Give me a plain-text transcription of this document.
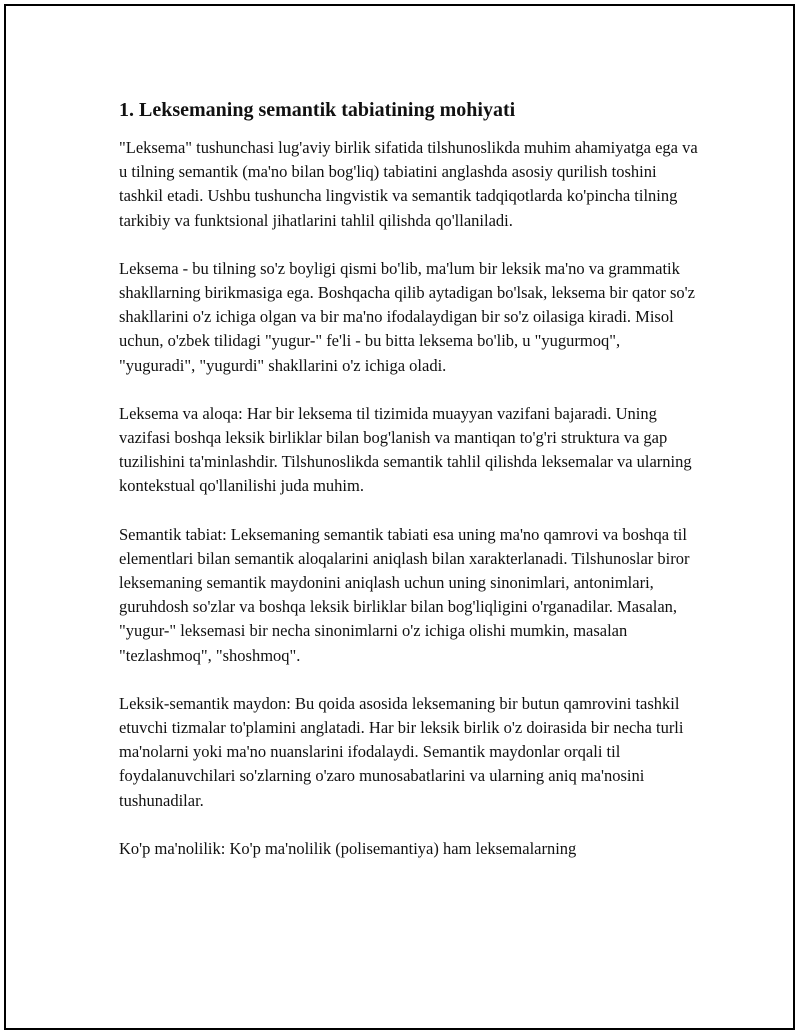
1. Leksemaning semantik tabiatining mohiyati

"Leksema" tushunchasi lug'aviy birlik sifatida tilshunoslikda muhim ahamiyatga ega va u tilning semantik (ma'no bilan bog'liq) tabiatini anglashda asosiy qurilish toshini tashkil etadi. Ushbu tushuncha lingvistik va semantik tadqiqotlarda ko'pincha tilning tarkibiy va funktsional jihatlarini tahlil qilishda qo'llaniladi.

Leksema - bu tilning so'z boyligi qismi bo'lib, ma'lum bir leksik ma'no va grammatik shakllarning birikmasiga ega. Boshqacha qilib aytadigan bo'lsak, leksema bir qator so'z shakllarini o'z ichiga olgan va bir ma'no ifodalaydigan bir so'z oilasiga kiradi. Misol uchun, o'zbek tilidagi "yugur-" fe'li - bu bitta leksema bo'lib, u "yugurmoq", "yuguradi", "yugurdi" shakllarini o'z ichiga oladi.

Leksema va aloqa: Har bir leksema til tizimida muayyan vazifani bajaradi. Uning vazifasi boshqa leksik birliklar bilan bog'lanish va mantiqan to'g'ri struktura va gap tuzilishini ta'minlashdir. Tilshunoslikda semantik tahlil qilishda leksemalar va ularning kontekstual qo'llanilishi juda muhim.

Semantik tabiat: Leksemaning semantik tabiati esa uning ma'no qamrovi va boshqa til elementlari bilan semantik aloqalarini aniqlash bilan xarakterlanadi. Tilshunoslar biror leksemaning semantik maydonini aniqlash uchun uning sinonimlari, antonimlari, guruhdosh so'zlar va boshqa leksik birliklar bilan bog'liqligini o'rganadilar. Masalan, "yugur-" leksemasi bir necha sinonimlarni o'z ichiga olishi mumkin, masalan "tezlashmoq", "shoshmoq".

Leksik-semantik maydon: Bu qoida asosida leksemaning bir butun qamrovini tashkil etuvchi tizmalar to'plamini anglatadi. Har bir leksik birlik o'z doirasida bir necha turli ma'nolarni yoki ma'no nuanslarini ifodalaydi. Semantik maydonlar orqali til foydalanuvchilari so'zlarning o'zaro munosabatlarini va ularning aniq ma'nosini tushunadilar.

Ko'p ma'nolilik: Ko'p ma'nolilik (polisemantiya) ham leksemalarning
